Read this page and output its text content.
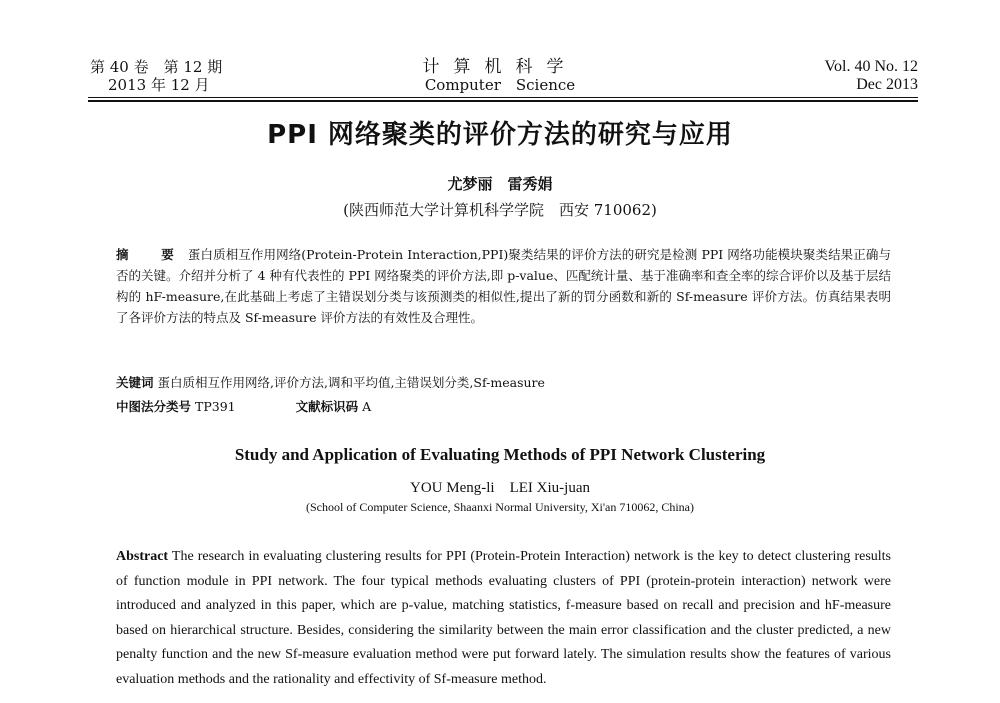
第 40 卷　第 12 期
2013 年 12 月
计算机科学
Computer　Science
Vol. 40 No. 12
Dec 2013
PPI 网络聚类的评价方法的研究与应用
尤梦丽　雷秀娟
(陕西师范大学计算机科学学院　西安 710062)
摘　要 蛋白质相互作用网络(Protein-Protein Interaction,PPI)聚类结果的评价方法的研究是检测 PPI 网络功能模块聚类结果正确与否的关键。介绍并分析了 4 种有代表性的 PPI 网络聚类的评价方法,即 p-value、匹配统计量、基于准确率和查全率的综合评价以及基于层结构的 hF-measure,在此基础上考虑了主错误划分类与该预测类的相似性,提出了新的罚分函数和新的 Sf-measure 评价方法。仿真结果表明了各评价方法的特点及 Sf-measure 评价方法的有效性及合理性。
关键词 蛋白质相互作用网络,评价方法,调和平均值,主错误划分类,Sf-measure
中图法分类号 TP391	文献标识码 A
Study and Application of Evaluating Methods of PPI Network Clustering
YOU Meng-li　LEI Xiu-juan
(School of Computer Science, Shaanxi Normal University, Xi'an 710062, China)
Abstract The research in evaluating clustering results for PPI (Protein-Protein Interaction) network is the key to detect clustering results of function module in PPI network. The four typical methods evaluating clusters of PPI (protein-protein interaction) network were introduced and analyzed in this paper, which are p-value, matching statistics, f-measure based on recall and precision and hF-measure based on hierarchical structure. Besides, considering the similarity between the main error classification and the cluster predicted, a new penalty function and the new Sf-measure evaluation method were put forward lately. The simulation results show the features of various evaluation methods and the rationality and effectivity of Sf-measure method.
